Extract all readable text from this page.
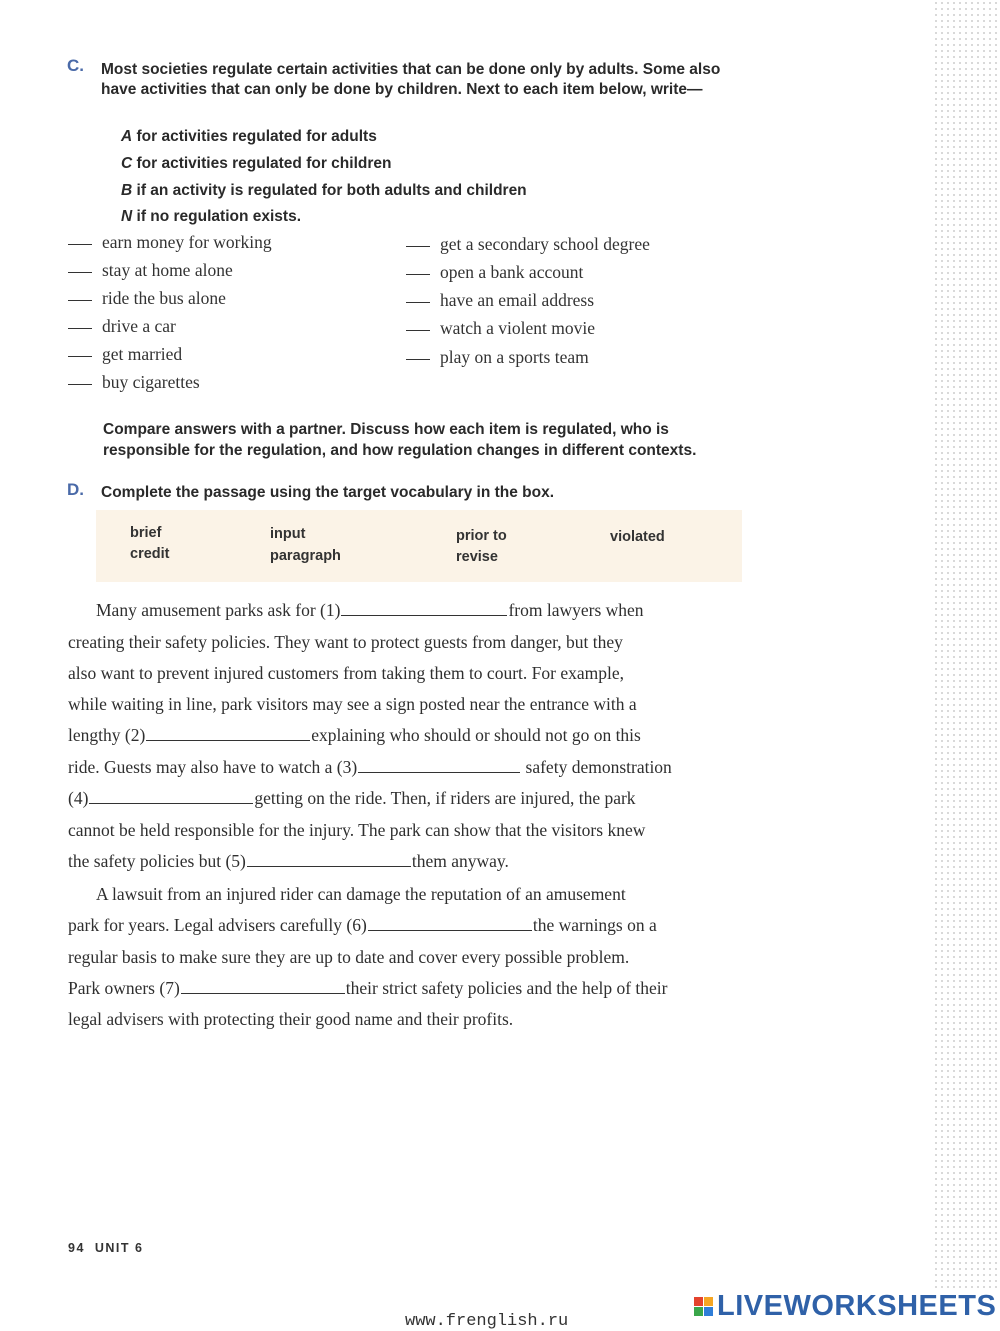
C. Most societies regulate certain activities that can be done only by adults. Some also have activities that can only be done by children. Next to each item below, write—
A for activities regulated for adults
C for activities regulated for children
B if an activity is regulated for both adults and children
N if no regulation exists.
earn money for working
stay at home alone
ride the bus alone
drive a car
get married
buy cigarettes
get a secondary school degree
open a bank account
have an email address
watch a violent movie
play on a sports team
Compare answers with a partner. Discuss how each item is regulated, who is responsible for the regulation, and how regulation changes in different contexts.
D. Complete the passage using the target vocabulary in the box.
brief
credit
input
paragraph
prior to
revise
violated
Many amusement parks ask for (1)	from lawyers when
creating their safety policies. They want to protect guests from danger, but they
also want to prevent injured customers from taking them to court. For example,
while waiting in line, park visitors may see a sign posted near the entrance with a
lengthy (2)	explaining who should or should not go on this
ride. Guests may also have to watch a (3)	safety demonstration
(4)	getting on the ride. Then, if riders are injured, the park
cannot be held responsible for the injury. The park can show that the visitors knew
the safety policies but (5)	them anyway.
A lawsuit from an injured rider can damage the reputation of an amusement
park for years. Legal advisers carefully (6)	the warnings on a
regular basis to make sure they are up to date and cover every possible problem.
Park owners (7)	their strict safety policies and the help of their
legal advisers with protecting their good name and their profits.
94 UNIT 6
www.frenglish.ru	LIVEWORKSHEETS
